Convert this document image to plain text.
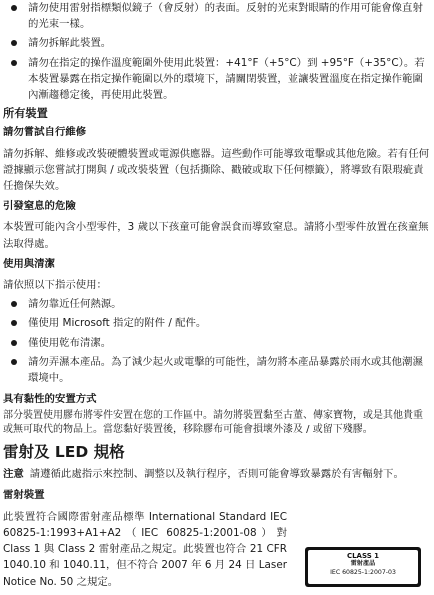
請勿使用雷射指標類似鏡子（會反射）的表面。反射的光束對眼睛的作用可能會像直射的光束一樣。
請勿拆解此裝置。
請勿在指定的操作溫度範圍外使用此裝置：+41°F（+5°C）到 +95°F（+35°C）。若本裝置暴露在指定操作範圍以外的環境下，請關閉裝置，並讓裝置溫度在指定操作範圍內漸趨穩定後，再使用此裝置。
所有裝置
請勿嘗試自行維修

請勿拆解、維修或改裝硬體裝置或電源供應器。這些動作可能導致電擊或其他危險。若有任何證據顯示您嘗試打開與 / 或改裝裝置（包括撕除、戳破或取下任何標籤），將導致有限瑕疵責任擔保失效。

引發窒息的危險

本裝置可能內含小型零件，3 歲以下孩童可能會誤食而導致窒息。請將小型零件放置在孩童無法取得處。

使用與清潔

請依照以下指示使用：

請勿靠近任何熱源。
僅使用 Microsoft 指定的附件 / 配件。
僅使用乾布清潔。
請勿弄濕本產品。為了減少起火或電擊的可能性，請勿將本產品暴露於雨水或其他潮濕環境中。
具有黏性的安置方式

部分裝置使用膠布將零件安置在您的工作區中。請勿將裝置黏至古董、傳家寶物，或是其他貴重或無可取代的物品上。當您黏好裝置後，移除膠布可能會損壞外漆及 / 或留下殘膠。

雷射及 LED 規格

注意 請遵循此處指示來控制、調整以及執行程序，否則可能會導致暴露於有害輻射下。

雷射裝置

此裝置符合國際雷射產品標準 International Standard IEC 60825-1:1993+A1+A2（IEC 60825-1:2001-08）對 Class 1 與 Class 2 雷射產品之規定。此裝置也符合 21 CFR 1040.10 和 1040.11，但不符合 2007 年 6 月 24 日 Laser Notice No. 50 之規定。

CLASS 1
雷射產品
IEC 60825-1:2007-03
